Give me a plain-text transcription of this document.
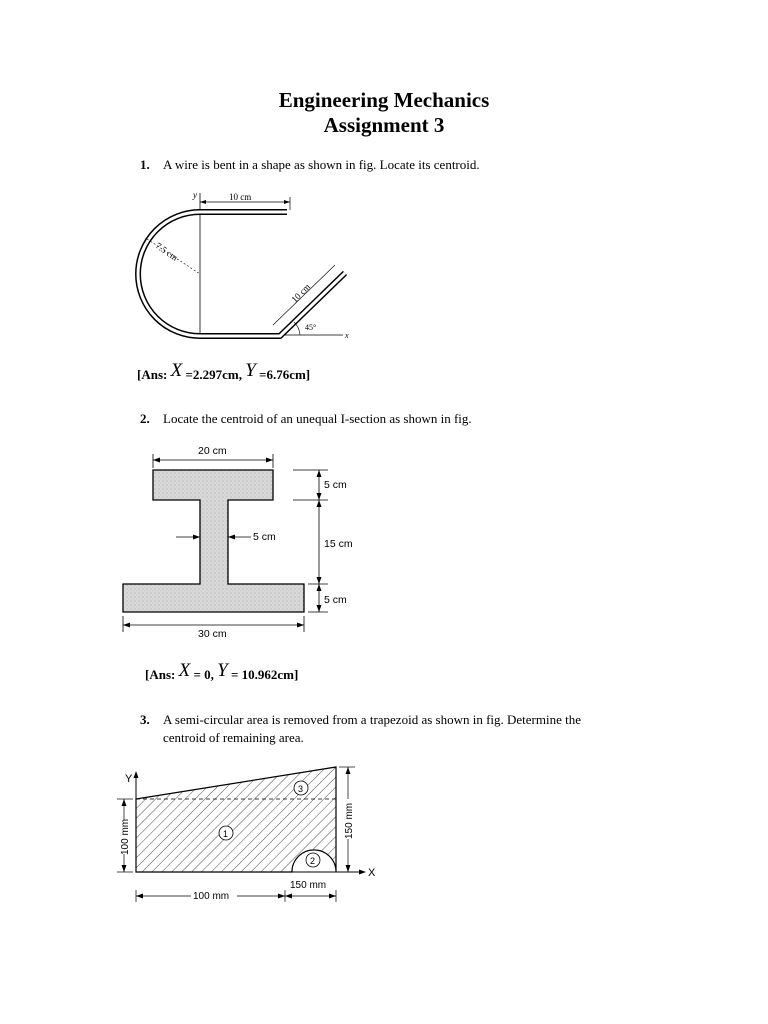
Engineering Mechanics
Assignment 3
1. A wire is bent in a shape as shown in fig. Locate its centroid.
y
x
10 cm
7.5 cm
10 cm
45°
[Ans: X =2.297cm, Y =6.76cm]
2. Locate the centroid of an unequal I-section as shown in fig.
20 cm
5 cm
5 cm
15 cm
5 cm
30 cm
[Ans: X = 0, Y = 10.962cm]
3. A semi-circular area is removed from a trapezoid as shown in fig. Determine the
centroid of remaining area.
Y
X
100 mm	150 mm
100 mm
150 mm
3
1
2
